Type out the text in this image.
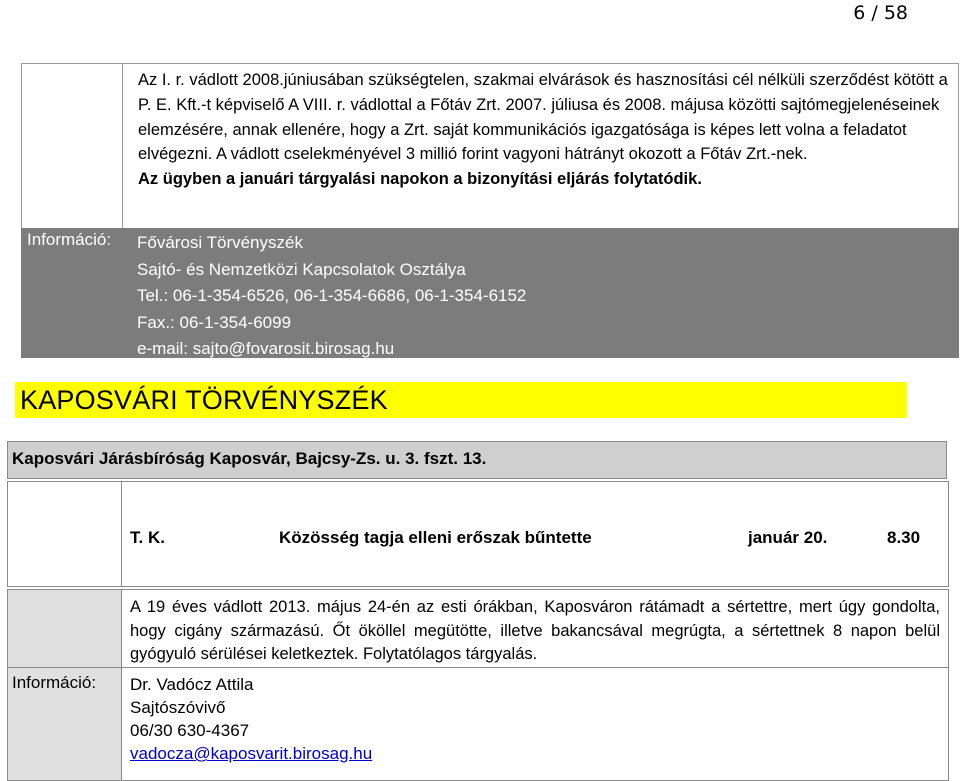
6 / 58
Az I. r. vádlott 2008.júniusában szükségtelen, szakmai elvárások és hasznosítási cél nélküli szerződést kötött a P. E. Kft.-t képviselő A VIII. r. vádlottal a Főtáv Zrt. 2007. júliusa és 2008. májusa közötti sajtómegjelenéseinek elemzésére, annak ellenére, hogy a Zrt. saját kommunikációs igazgatósága is képes lett volna a feladatot elvégezni. A vádlott cselekményével 3 millió forint vagyoni hátrányt okozott a Főtáv Zrt.-nek.
Az ügyben a januári tárgyalási napokon a bizonyítási eljárás folytatódik.
Információ: Fővárosi Törvényszék
Sajtó- és Nemzetközi Kapcsolatok Osztálya
Tel.: 06-1-354-6526, 06-1-354-6686, 06-1-354-6152
Fax.: 06-1-354-6099
e-mail: sajto@fovarosit.birosag.hu
KAPOSVÁRI TÖRVÉNYSZÉK
Kaposvári Járásbíróság Kaposvár, Bajcsy-Zs. u. 3. fszt. 13.
T. K.	Közösség tagja elleni erőszak bűntette	január 20.	8.30
A 19 éves vádlott 2013. május 24-én az esti órákban, Kaposváron rátámadt a sértettre, mert úgy gondolta, hogy cigány származású. Őt ököllel megütötte, illetve bakancsával megrúgta, a sértettnek 8 napon belül gyógyuló sérülései keletkeztek. Folytatólagos tárgyalás.
Információ: Dr. Vadócz Attila
Sajtószóvivő
06/30 630-4367
vadocza@kaposvarit.birosag.hu
